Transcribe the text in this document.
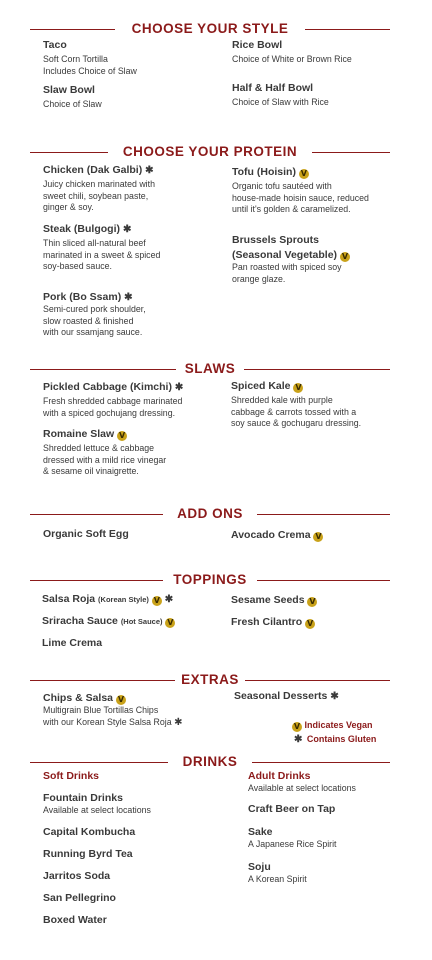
CHOOSE YOUR STYLE
Taco
Soft Corn Tortilla
Includes Choice of Slaw
Rice Bowl
Choice of White or Brown Rice
Slaw Bowl
Choice of Slaw
Half & Half Bowl
Choice of Slaw with Rice
CHOOSE YOUR PROTEIN
Chicken (Dak Galbi) ✱
Juicy chicken marinated with
sweet chili, soybean paste,
ginger & soy.
Tofu (Hoisin) V
Organic tofu sautéed with
house-made hoisin sauce, reduced
until it's golden & caramelized.
Steak (Bulgogi) ✱
Thin sliced all-natural beef
marinated in a sweet & spiced
soy-based sauce.
Brussels Sprouts
(Seasonal Vegetable) V
Pan roasted with spiced soy
orange glaze.
Pork (Bo Ssam) ✱
Semi-cured pork shoulder,
slow roasted & finished
with our ssamjang sauce.
SLAWS
Pickled Cabbage (Kimchi) ✱
Fresh shredded cabbage marinated
with a spiced gochujang dressing.
Spiced Kale V
Shredded kale with purple
cabbage & carrots tossed with a
soy sauce & gochugaru dressing.
Romaine Slaw V
Shredded lettuce & cabbage
dressed with a mild rice vinegar
& sesame oil vinaigrette.
ADD ONS
Organic Soft Egg	Avocado Crema V
TOPPINGS
Salsa Roja (Korean Style) V ✱	Sesame Seeds V
Sriracha Sauce (Hot Sauce) V	Fresh Cilantro V
Lime Crema
EXTRAS
Chips & Salsa V
Multigrain Blue Tortillas Chips
with our Korean Style Salsa Roja ✱
Seasonal Desserts ✱
V Indicates Vegan
✱ Contains Gluten
DRINKS
Soft Drinks
Fountain Drinks
Available at select locations
Capital Kombucha
Running Byrd Tea
Jarritos Soda
San Pellegrino
Boxed Water
Adult Drinks
Available at select locations
Craft Beer on Tap
Sake
A Japanese Rice Spirit
Soju
A Korean Spirit
